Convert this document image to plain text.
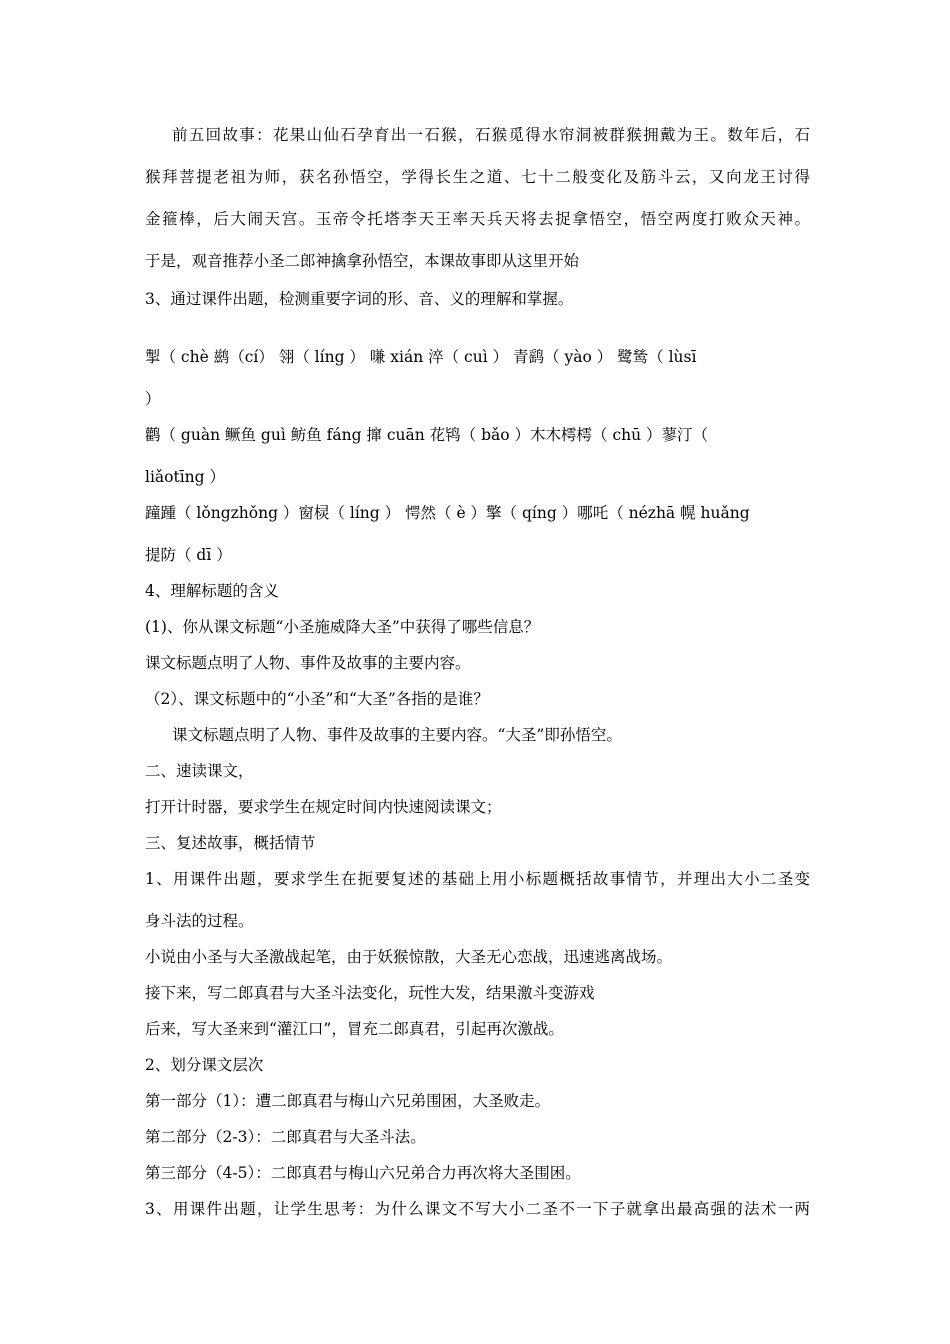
前五回故事：花果山仙石孕育出一石猴，石猴觅得水帘洞被群猴拥戴为王。数年后，石
猴拜菩提老祖为师，获名孙悟空，学得长生之道、七十二般变化及筋斗云，又向龙王讨得
金箍棒，后大闹天宫。玉帝令托塔李天王率天兵天将去捉拿悟空，悟空两度打败众天神。
于是，观音推荐小圣二郎神擒拿孙悟空，本课故事即从这里开始
3、通过课件出题，检测重要字词的形、音、义的理解和掌握。
掣（ chè 鹚（cí） 翎（ líng ） 嗛 xián 淬（ cuì ） 青鹞（ yào ） 鹭鸶（ lùsī
）
鹳（ guàn 鳜鱼 guì 鲂鱼 fáng 撺 cuān 花鸨（ bǎo ）木木樗樗（ chū ）蓼汀（
liǎotīng ）
蹱踵（ lǒngzhǒng ）窗棂（ líng ） 愕然（ è ）擎（ qíng ）哪吒（ nézhā 幌 huǎng
提防（ dī ）
4、理解标题的含义
(1)、你从课文标题“小圣施威降大圣”中获得了哪些信息？
课文标题点明了人物、事件及故事的主要内容。
（2）、课文标题中的“小圣”和“大圣”各指的是谁？
课文标题点明了人物、事件及故事的主要内容。“大圣”即孙悟空。
二、速读课文，
打开计时器，要求学生在规定时间内快速阅读课文；
三、复述故事，概括情节
1、用课件出题，要求学生在扼要复述的基础上用小标题概括故事情节，并理出大小二圣变
身斗法的过程。
小说由小圣与大圣激战起笔，由于妖猴惊散，大圣无心恋战，迅速逃离战场。
接下来，写二郎真君与大圣斗法变化，玩性大发，结果激斗变游戏
后来，写大圣来到“灌江口”，冒充二郎真君，引起再次激战。
2、划分课文层次
第一部分（1）：遭二郎真君与梅山六兄弟围困，大圣败走。
第二部分（2-3）：二郎真君与大圣斗法。
第三部分（4-5）：二郎真君与梅山六兄弟合力再次将大圣围困。
3、用课件出题，让学生思考：为什么课文不写大小二圣不一下子就拿出最高强的法术一两
